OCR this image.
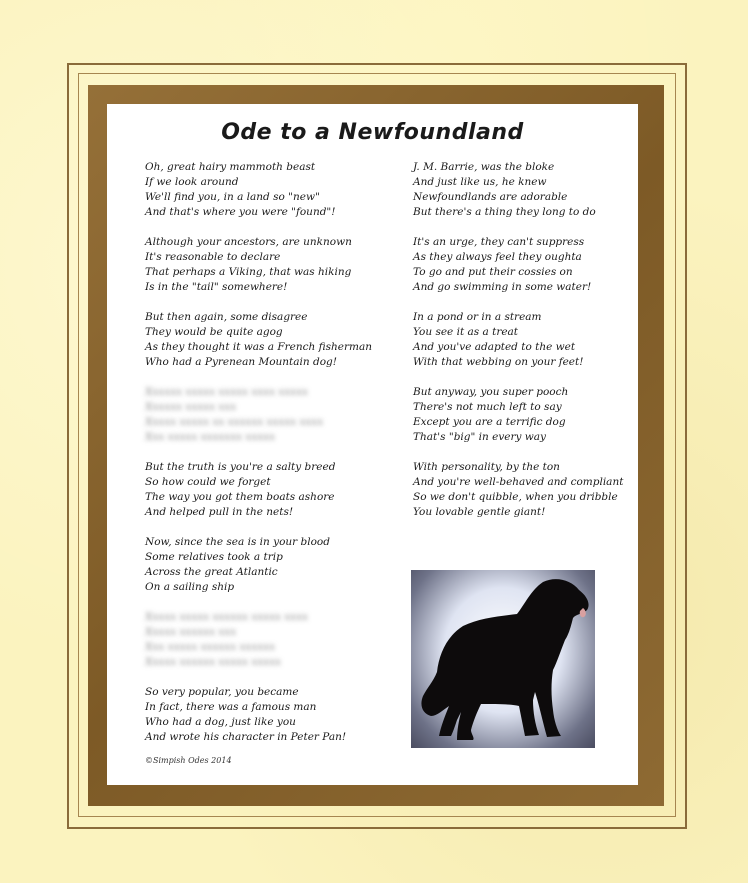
Ode to a Newfoundland
Oh, great hairy mammoth beast
If we look around
We'll find you, in a land so "new"
And that's where you were "found"!
Although your ancestors, are unknown
It's reasonable to declare
That perhaps a Viking, that was hiking
Is in the "tail" somewhere!
But then again, some disagree
They would be quite agog
As they thought it was a French fisherman
Who had a Pyrenean Mountain dog!
Xxxxxx xxxxx xxxxx xxxx xxxxx
Xxxxxx xxxxx xxx
Xxxxx xxxxx xx xxxxxx xxxxx xxxx
Xxx xxxxx xxxxxxx xxxxx
But the truth is you're a salty breed
So how could we forget
The way you got them boats ashore
And helped pull in the nets!
Now, since the sea is in your blood
Some relatives took a trip
Across the great Atlantic
On a sailing ship
Xxxxx xxxxx xxxxxx xxxxx xxxx
Xxxxx xxxxxx xxx
Xxx xxxxx xxxxxx xxxxxx
Xxxxx xxxxxx xxxxx xxxxx
So very popular, you became
In fact, there was a famous man
Who had a dog, just like you
And wrote his character in Peter Pan!
J. M. Barrie, was the bloke
And just like us, he knew
Newfoundlands are adorable
But there's a thing they long to do
It's an urge, they can't suppress
As they always feel they oughta
To go and put their cossies on
And go swimming in some water!
In a pond or in a stream
You see it as a treat
And you've adapted to the wet
With that webbing on your feet!
But anyway, you super pooch
There's not much left to say
Except you are a terrific dog
That's "big" in every way
With personality, by the ton
And you're well-behaved and compliant
So we don't quibble, when you dribble
You lovable gentle giant!
©Simpish Odes 2014
